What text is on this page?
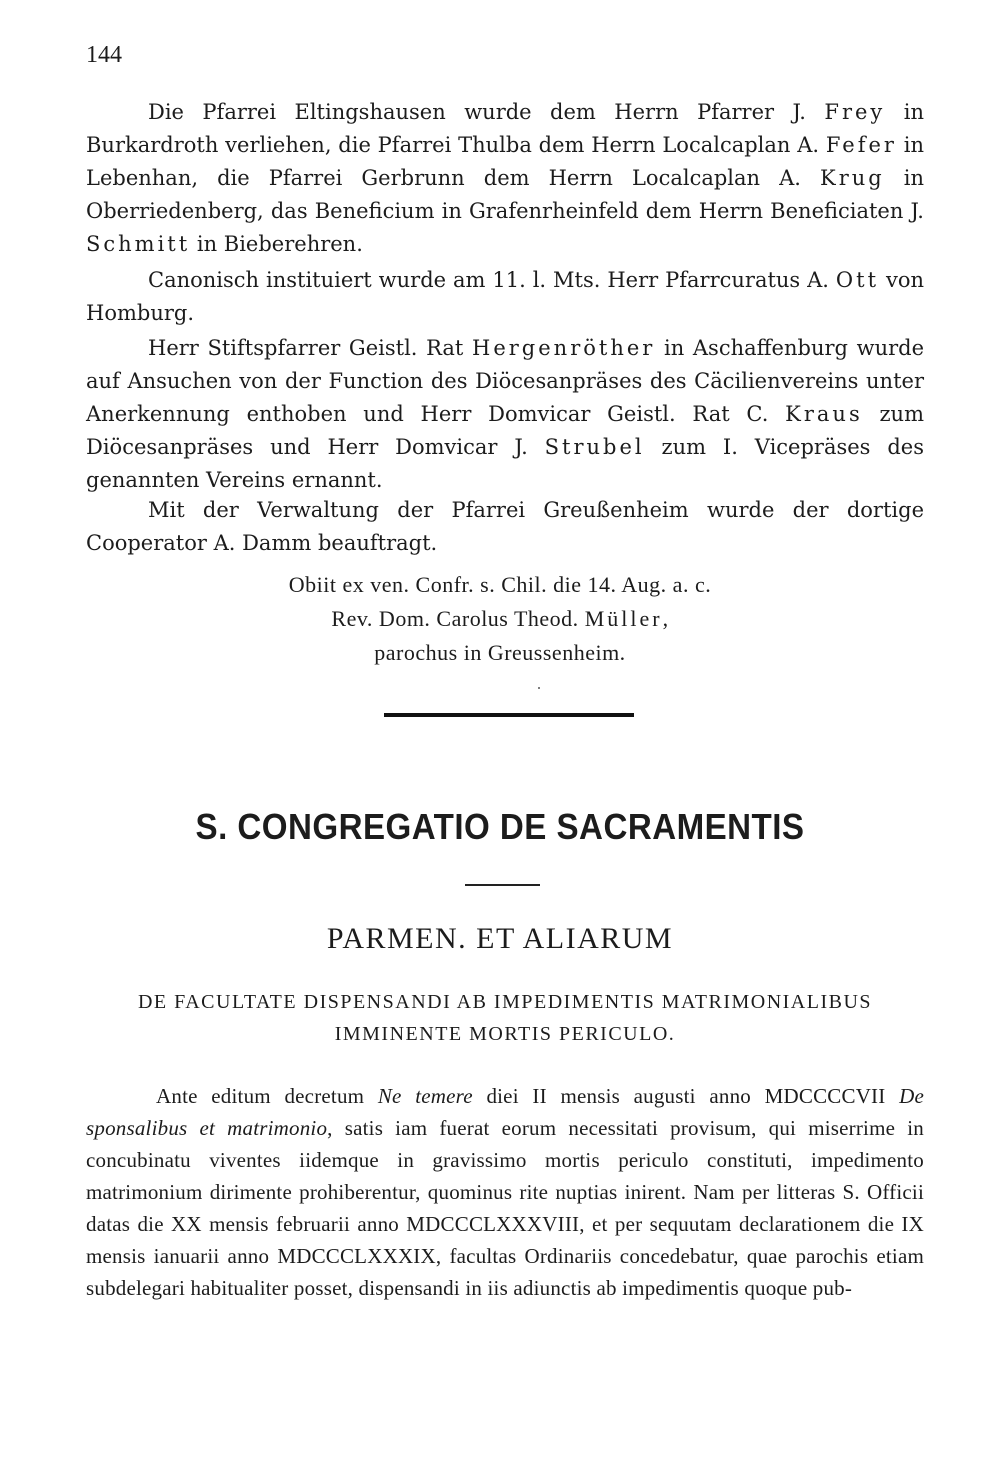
144

Die Pfarrei Eltingshausen wurde dem Herrn Pfarrer J. Frey in Burkardroth verliehen, die Pfarrei Thulba dem Herrn Localcaplan A. Fefer in Lebenhan, die Pfarrei Gerbrunn dem Herrn Localcaplan A. Krug in Oberriedenberg, das Beneficium in Grafenrheinfeld dem Herrn Beneficiaten J. Schmitt in Bieberehren.

Canonisch instituiert wurde am 11. l. Mts. Herr Pfarrcuratus A. Ott von Homburg.

Herr Stiftspfarrer Geistl. Rat Hergenröther in Aschaffenburg wurde auf Ansuchen von der Function des Diöcesanpräses des Cäcilienvereins unter Anerkennung enthoben und Herr Domvicar Geistl. Rat C. Kraus zum Diöcesanpräses und Herr Domvicar J. Strubel zum I. Vicepräses des genannten Vereins ernannt.

Mit der Verwaltung der Pfarrei Greußenheim wurde der dortige Cooperator A. Damm beauftragt.

Obiit ex ven. Confr. s. Chil. die 14. Aug. a. c.
Rev. Dom. Carolus Theod. Müller,
parochus in Greussenheim.
S. CONGREGATIO DE SACRAMENTIS
PARMEN. ET ALIARUM
DE FACULTATE DISPENSANDI AB IMPEDIMENTIS MATRIMONIALIBUS IMMINENTE MORTIS PERICULO.
Ante editum decretum Ne temere diei II mensis augusti anno MDCCCCVII De sponsalibus et matrimonio, satis iam fuerat eorum necessitati provisum, qui miserrime in concubinatu viventes iidemque in gravissimo mortis periculo constituti, impedimento matrimonium dirimente prohiberentur, quominus rite nuptias inirent. Nam per litteras S. Officii datas die XX mensis februarii anno MDCCCLXXXVIII, et per sequutam declarationem die IX mensis ianuarii anno MDCCCLXXXIX, facultas Ordinariis concedebatur, quae parochis etiam subdelegari habitualiter posset, dispensandi in iis adiunctis ab impedimentis quoque pub-
